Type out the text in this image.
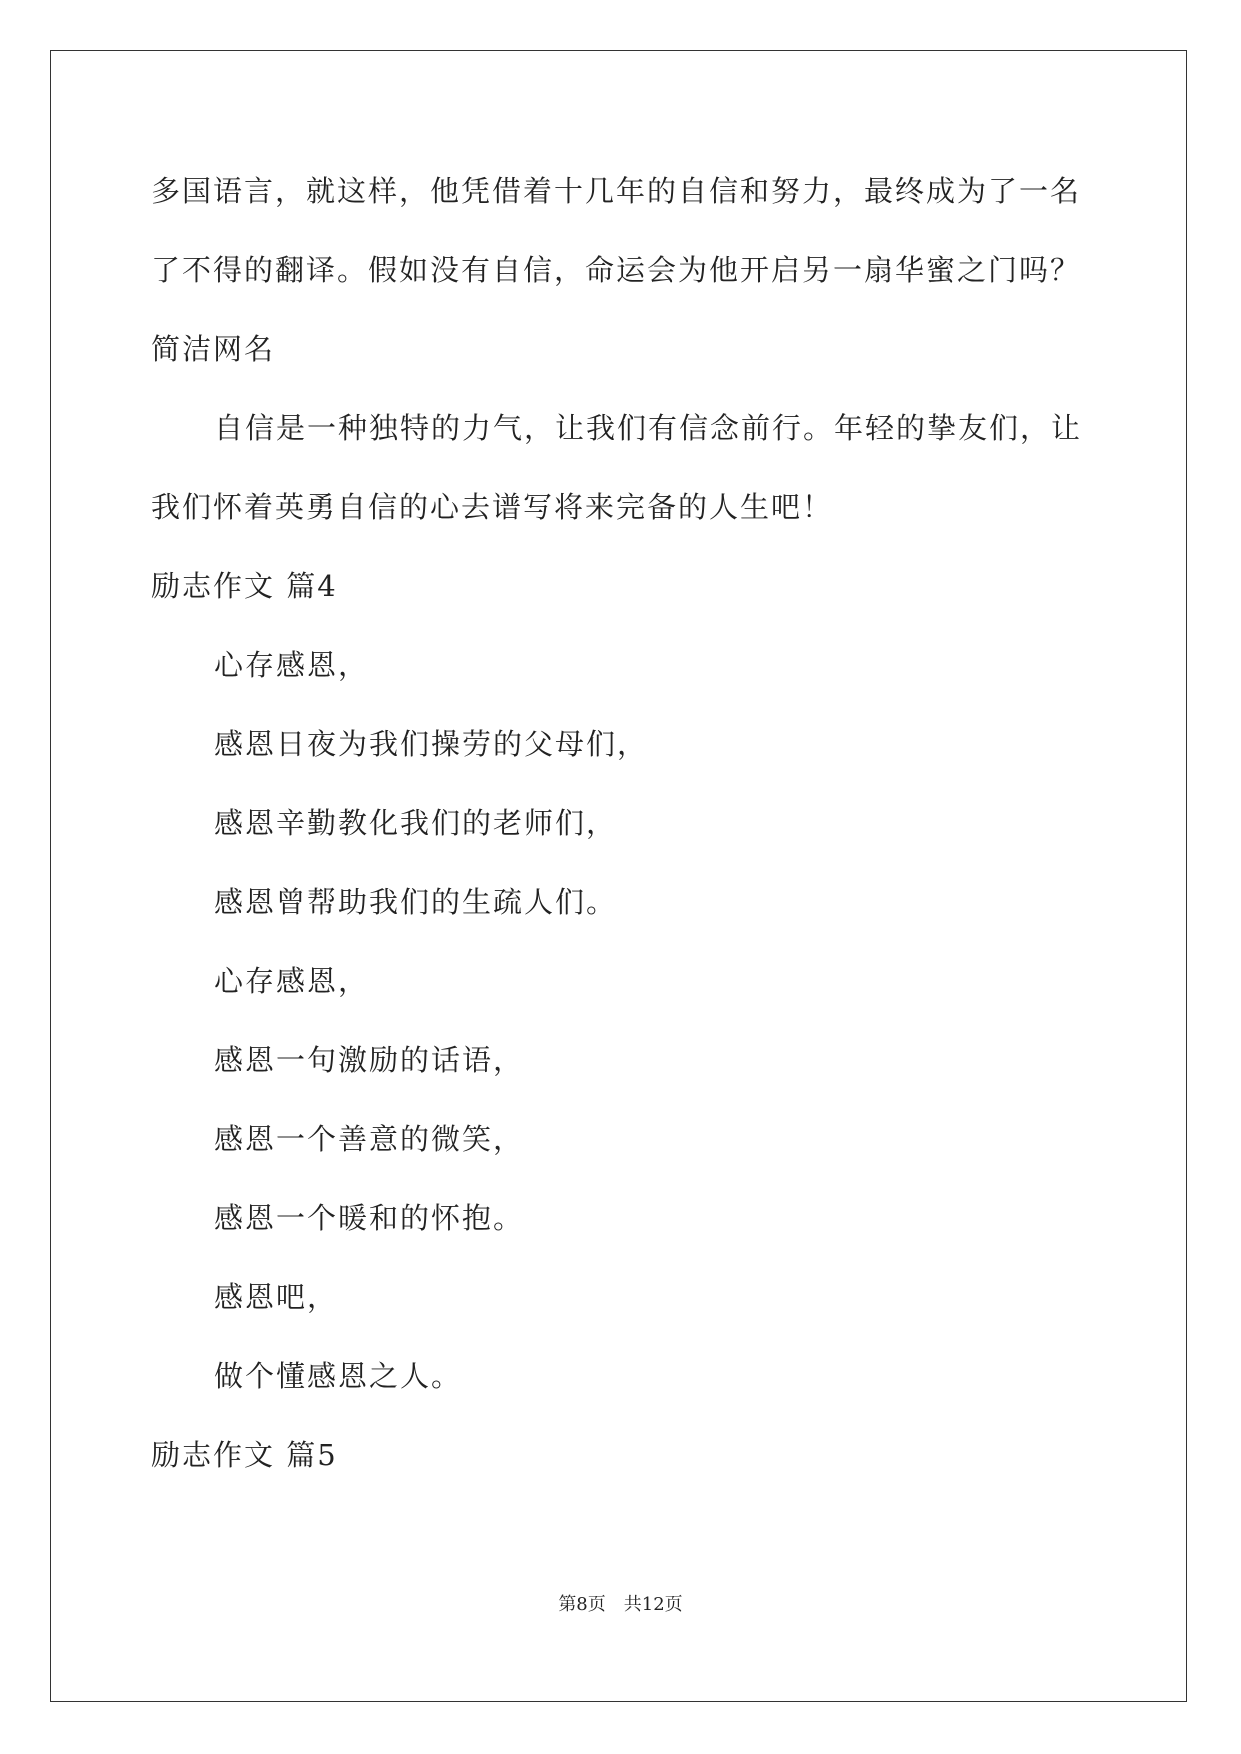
多国语言，就这样，他凭借着十几年的自信和努力，最终成为了一名
了不得的翻译。假如没有自信，命运会为他开启另一扇华蜜之门吗？
简洁网名
自信是一种独特的力气，让我们有信念前行。年轻的挚友们，让
我们怀着英勇自信的心去谱写将来完备的人生吧！
励志作文 篇4
心存感恩，
感恩日夜为我们操劳的父母们，
感恩辛勤教化我们的老师们，
感恩曾帮助我们的生疏人们。
心存感恩，
感恩一句激励的话语，
感恩一个善意的微笑，
感恩一个暖和的怀抱。
感恩吧，
做个懂感恩之人。
励志作文 篇5
第8页　共12页
